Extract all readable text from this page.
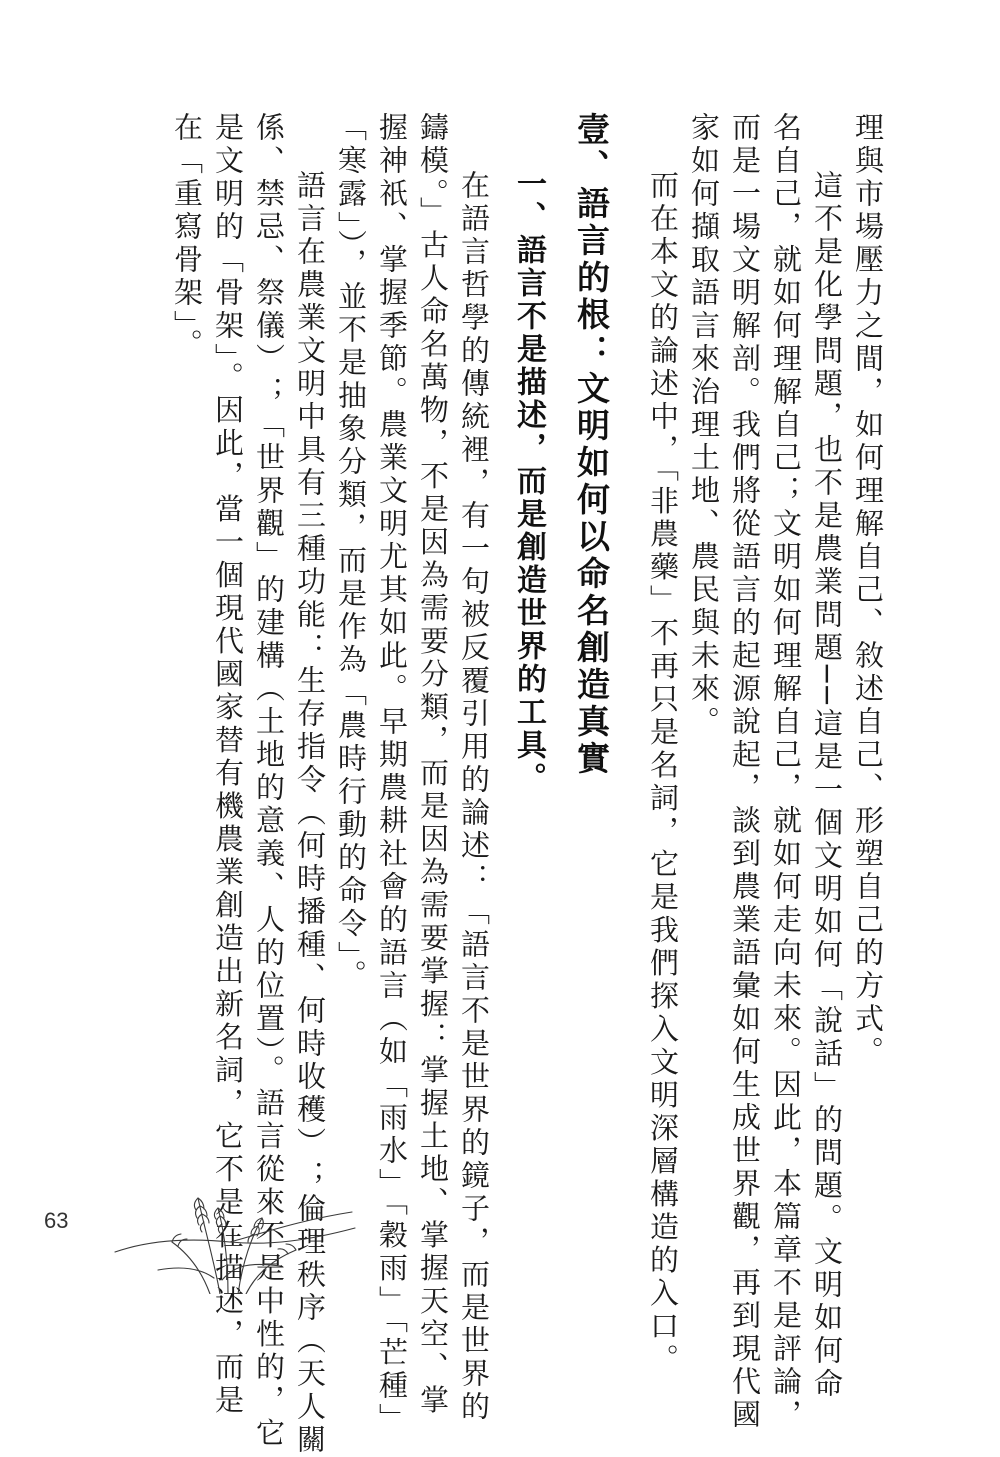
理與市場壓力之間，如何理解自己、敘述自己、形塑自己的方式。
這不是化學問題，也不是農業問題──這是一個文明如何「說話」的問題。文明如何命
名自己，就如何理解自己；文明如何理解自己，就如何走向未來。因此，本篇章不是評論，
而是一場文明解剖。我們將從語言的起源說起，談到農業語彙如何生成世界觀，再到現代國
家如何擷取語言來治理土地、農民與未來。
而在本文的論述中，「非農藥」不再只是名詞，它是我們探入文明深層構造的入口。
壹、語言的根：文明如何以命名創造真實
一、語言不是描述，而是創造世界的工具。
在語言哲學的傳統裡，有一句被反覆引用的論述：「語言不是世界的鏡子，而是世界的
鑄模。」古人命名萬物，不是因為需要分類，而是因為需要掌握：掌握土地、掌握天空、掌
握神祇、掌握季節。農業文明尤其如此。早期農耕社會的語言（如「雨水」「穀雨」「芒種」
「寒露」），並不是抽象分類，而是作為「農時行動的命令」。
語言在農業文明中具有三種功能：生存指令（何時播種、何時收穫）；倫理秩序（天人關
係、禁忌、祭儀）；「世界觀」的建構（土地的意義、人的位置）。語言從來不是中性的，它
是文明的「骨架」。因此，當一個現代國家替有機農業創造出新名詞，它不是在描述，而是
在「重寫骨架」。
63
